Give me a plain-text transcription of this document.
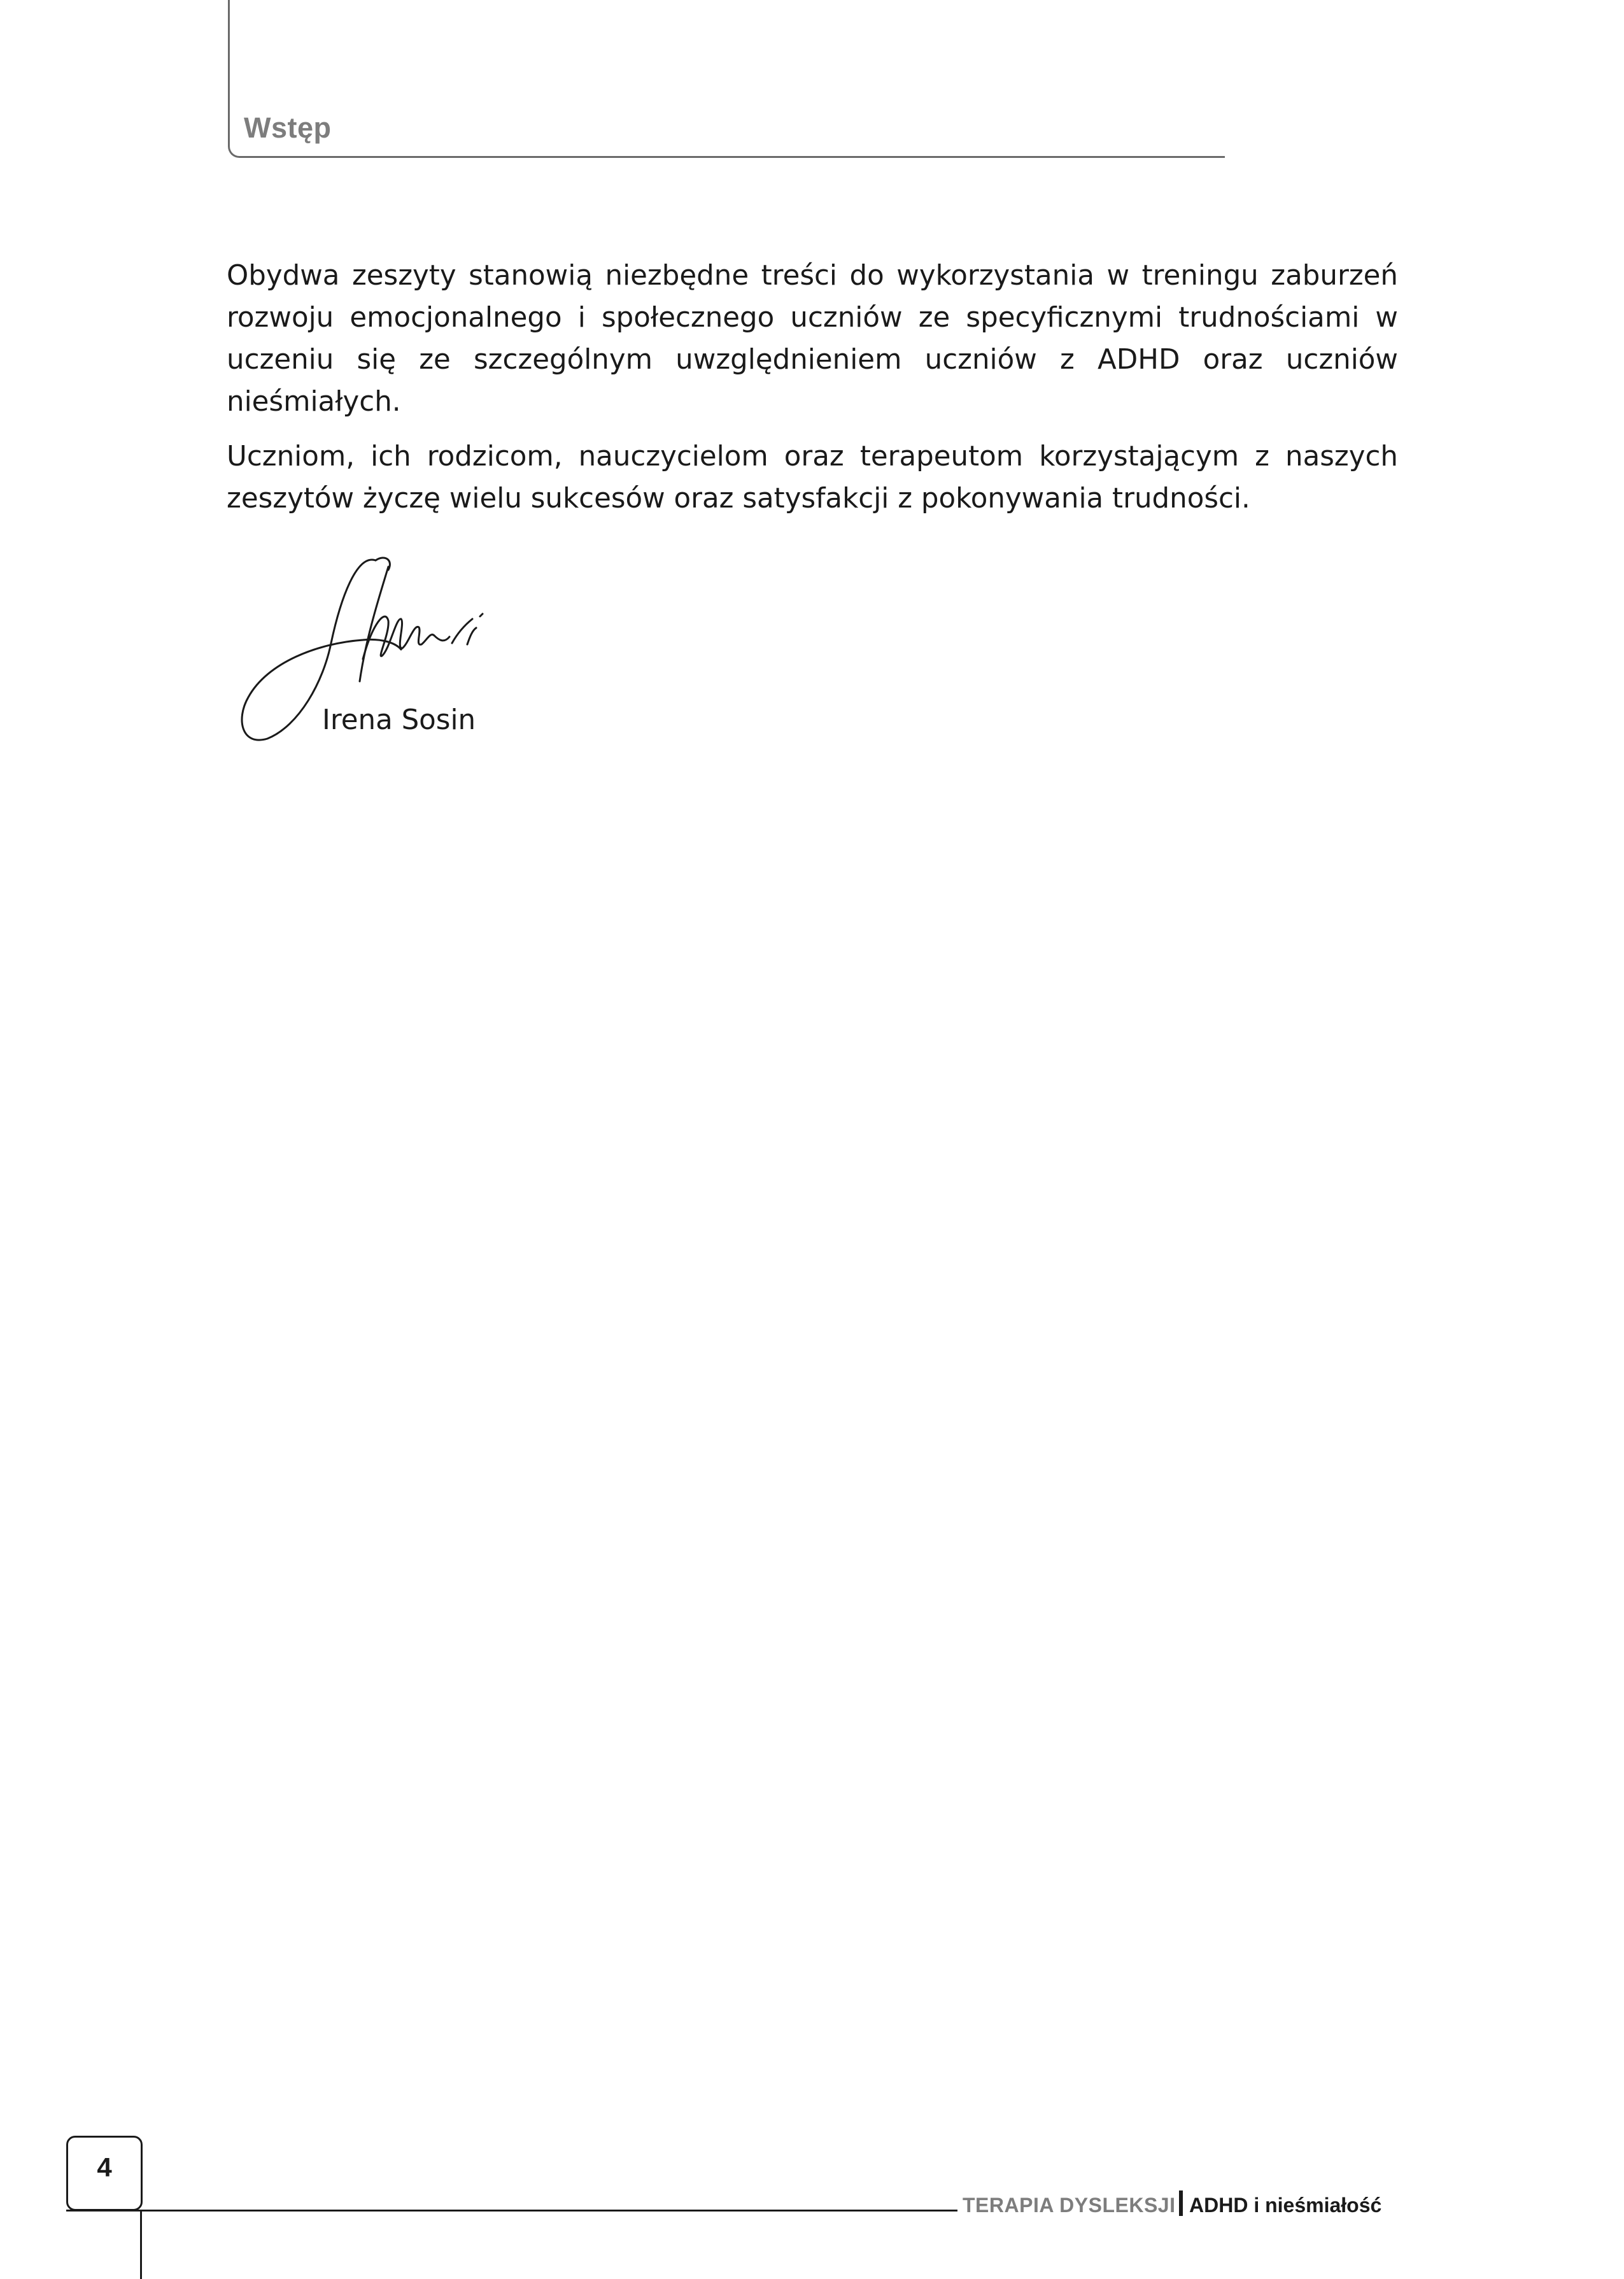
Wstęp

Obydwa zeszyty stanowią niezbędne treści do wykorzystania w treningu zaburzeń rozwoju emocjonalnego i społecznego uczniów ze specyficznymi trudnościami w uczeniu się ze szczególnym uwzględnieniem uczniów z ADHD oraz uczniów nieśmiałych.

Uczniom, ich rodzicom, nauczycielom oraz terapeutom korzystającym z naszych zeszytów życzę wielu sukcesów oraz satysfakcji z pokonywania trudności.

Irena Sosin
4
TERAPIA DYSLEKSJI ADHD i nieśmiałość
